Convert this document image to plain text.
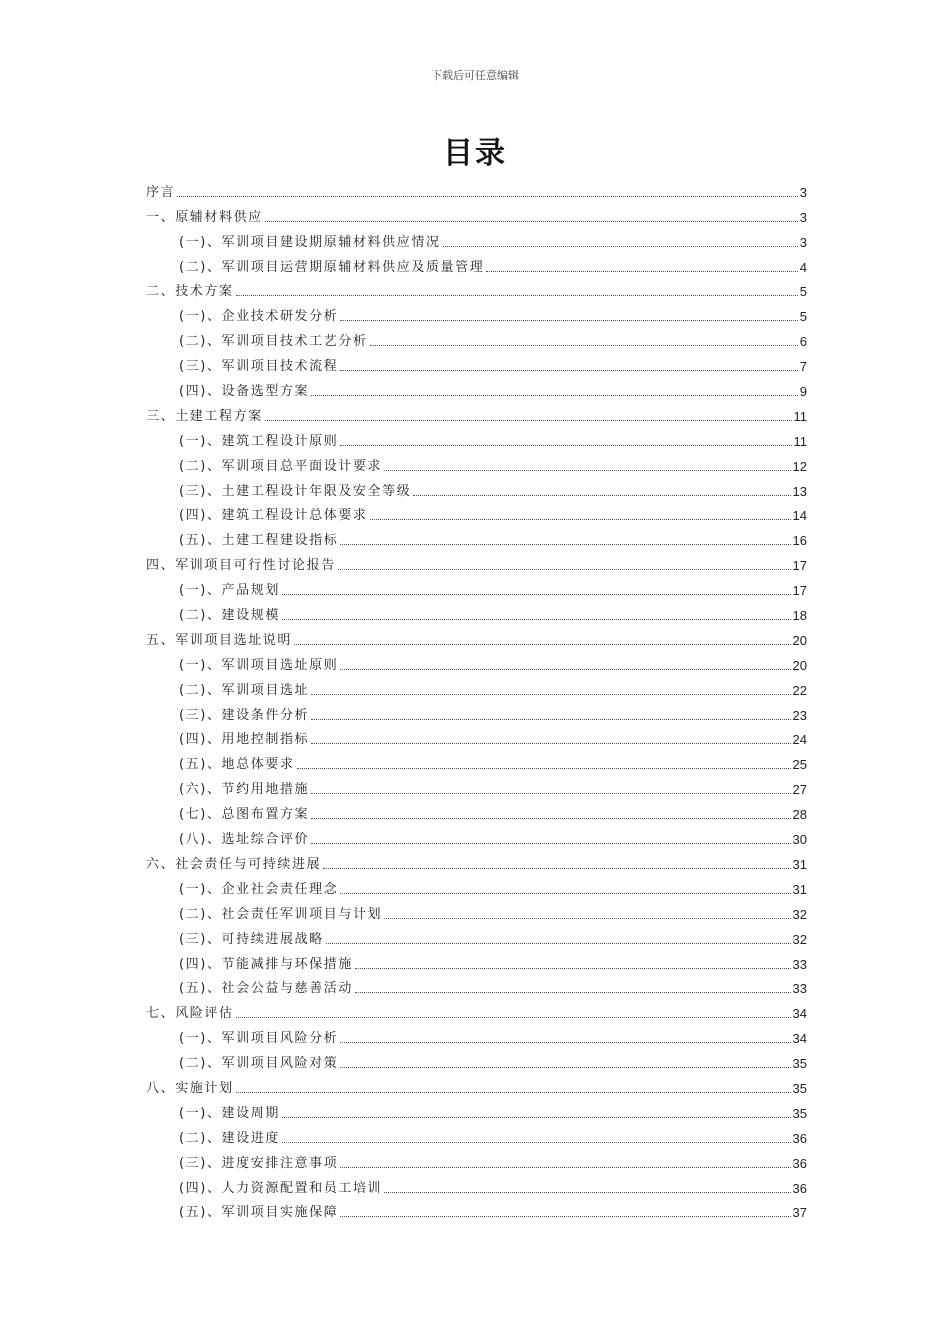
下载后可任意编辑
目录
序言	3
一、原辅材料供应	3
(一)、军训项目建设期原辅材料供应情况	3
(二)、军训项目运营期原辅材料供应及质量管理	4
二、技术方案	5
(一)、企业技术研发分析	5
(二)、军训项目技术工艺分析	6
(三)、军训项目技术流程	7
(四)、设备选型方案	9
三、土建工程方案	11
(一)、建筑工程设计原则	11
(二)、军训项目总平面设计要求	12
(三)、土建工程设计年限及安全等级	13
(四)、建筑工程设计总体要求	14
(五)、土建工程建设指标	16
四、军训项目可行性讨论报告	17
(一)、产品规划	17
(二)、建设规模	18
五、军训项目选址说明	20
(一)、军训项目选址原则	20
(二)、军训项目选址	22
(三)、建设条件分析	23
(四)、用地控制指标	24
(五)、地总体要求	25
(六)、节约用地措施	27
(七)、总图布置方案	28
(八)、选址综合评价	30
六、社会责任与可持续进展	31
(一)、企业社会责任理念	31
(二)、社会责任军训项目与计划	32
(三)、可持续进展战略	32
(四)、节能减排与环保措施	33
(五)、社会公益与慈善活动	33
七、风险评估	34
(一)、军训项目风险分析	34
(二)、军训项目风险对策	35
八、实施计划	35
(一)、建设周期	35
(二)、建设进度	36
(三)、进度安排注意事项	36
(四)、人力资源配置和员工培训	36
(五)、军训项目实施保障	37
